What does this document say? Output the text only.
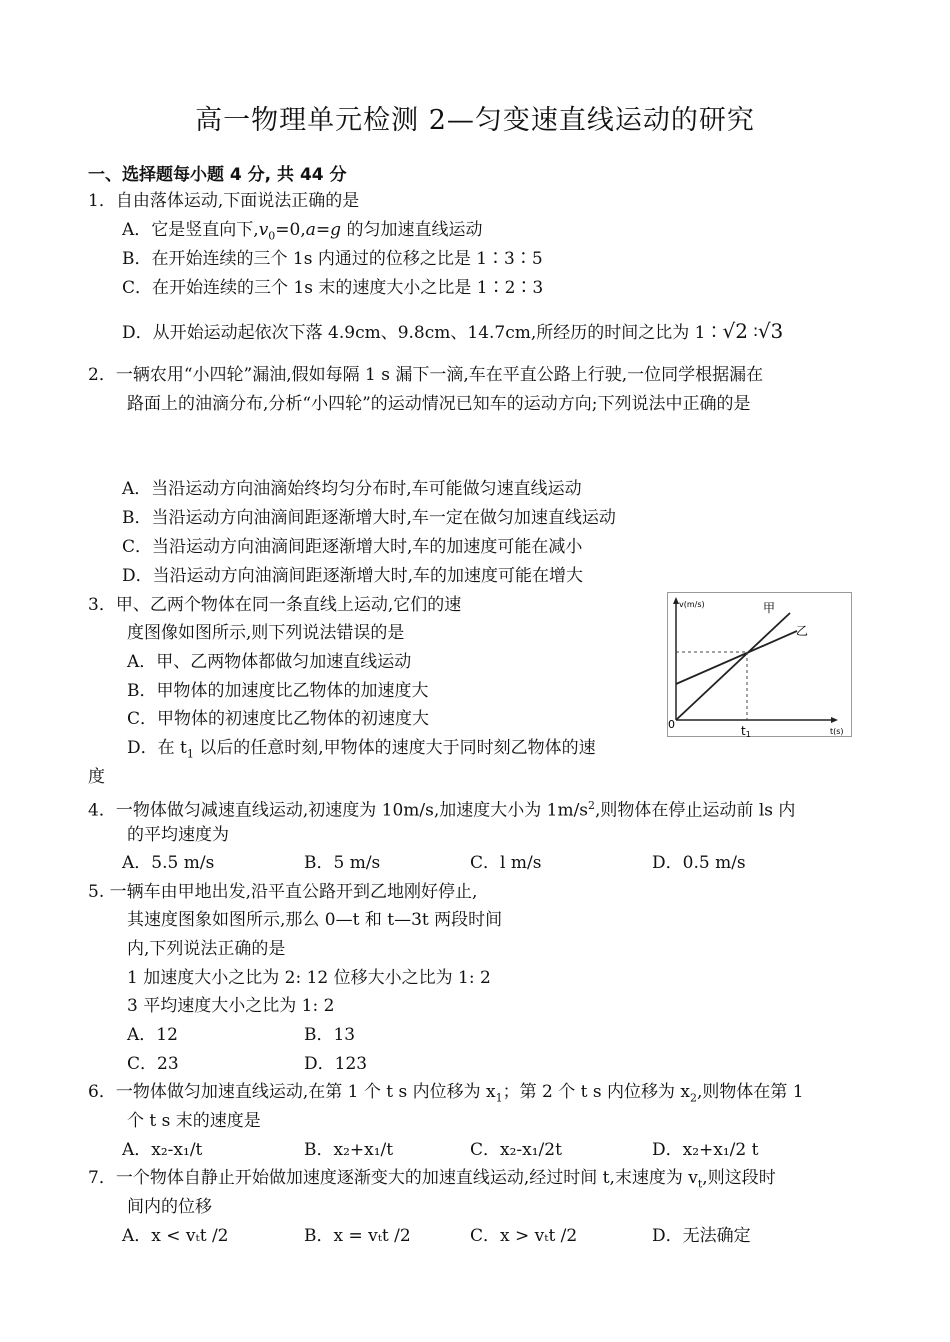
高一物理单元检测 2—匀变速直线运动的研究
一、选择题每小题 4 分, 共 44 分
1．自由落体运动,下面说法正确的是
A．它是竖直向下$,v_0=0,a=g$ 的匀加速直线运动
B．在开始连续的三个 1s 内通过的位移之比是 1∶3∶5
C．在开始连续的三个 1s 末的速度大小之比是 1∶2∶3
D．从开始运动起依次下落 4.9cm、9.8cm、14.7cm,所经历的时间之比为 1∶√2 ∶√3
2．一辆农用“小四轮”漏油,假如每隔 1 s 漏下一滴,车在平直公路上行驶,一位同学根据漏在
路面上的油滴分布,分析“小四轮”的运动情况已知车的运动方向;下列说法中正确的是
A．当沿运动方向油滴始终均匀分布时,车可能做匀速直线运动
B．当沿运动方向油滴间距逐渐增大时,车一定在做匀加速直线运动
C．当沿运动方向油滴间距逐渐增大时,车的加速度可能在减小
D．当沿运动方向油滴间距逐渐增大时,车的加速度可能在增大
3．甲、乙两个物体在同一条直线上运动,它们的速
度图像如图所示,则下列说法错误的是
A．甲、乙两物体都做匀加速直线运动
B．甲物体的加速度比乙物体的加速度大
C．甲物体的初速度比乙物体的初速度大
D．在 $t_1$ 以后的任意时刻,甲物体的速度大于同时刻乙物体的速
度
v(m/s)
t(s)
0
甲
乙
t1
4．一物体做匀减速直线运动,初速度为 10m/s,加速度大小为 $1m/s^2$,则物体在停止运动前 ls 内
的平均速度为
A．5.5 m/s	B．5 m/s	C．l m/s	D．0.5 m/s
5. 一辆车由甲地出发,沿平直公路开到乙地刚好停止,
其速度图象如图所示,那么 0—t 和 t—3t 两段时间
内,下列说法正确的是
1 加速度大小之比为 2: 12 位移大小之比为 1: 2
3 平均速度大小之比为 1: 2
A．12	B．13
C．23	D．123
6．一物体做匀加速直线运动,在第 1 个 t s 内位移为 $x_1$；第 2 个 t s 内位移为 $x_2$,则物体在第 1
个 t s 末的速度是
A．x₂-x₁/t	B．x₂+x₁/t	C．x₂-x₁/2t	D．x₂+x₁/2 t
7．一个物体自静止开始做加速度逐渐变大的加速直线运动,经过时间 t,末速度为 $v_t$,则这段时
间内的位移
A．x < vₜt /2	B．x = vₜt /2	C．x > vₜt /2	D．无法确定
